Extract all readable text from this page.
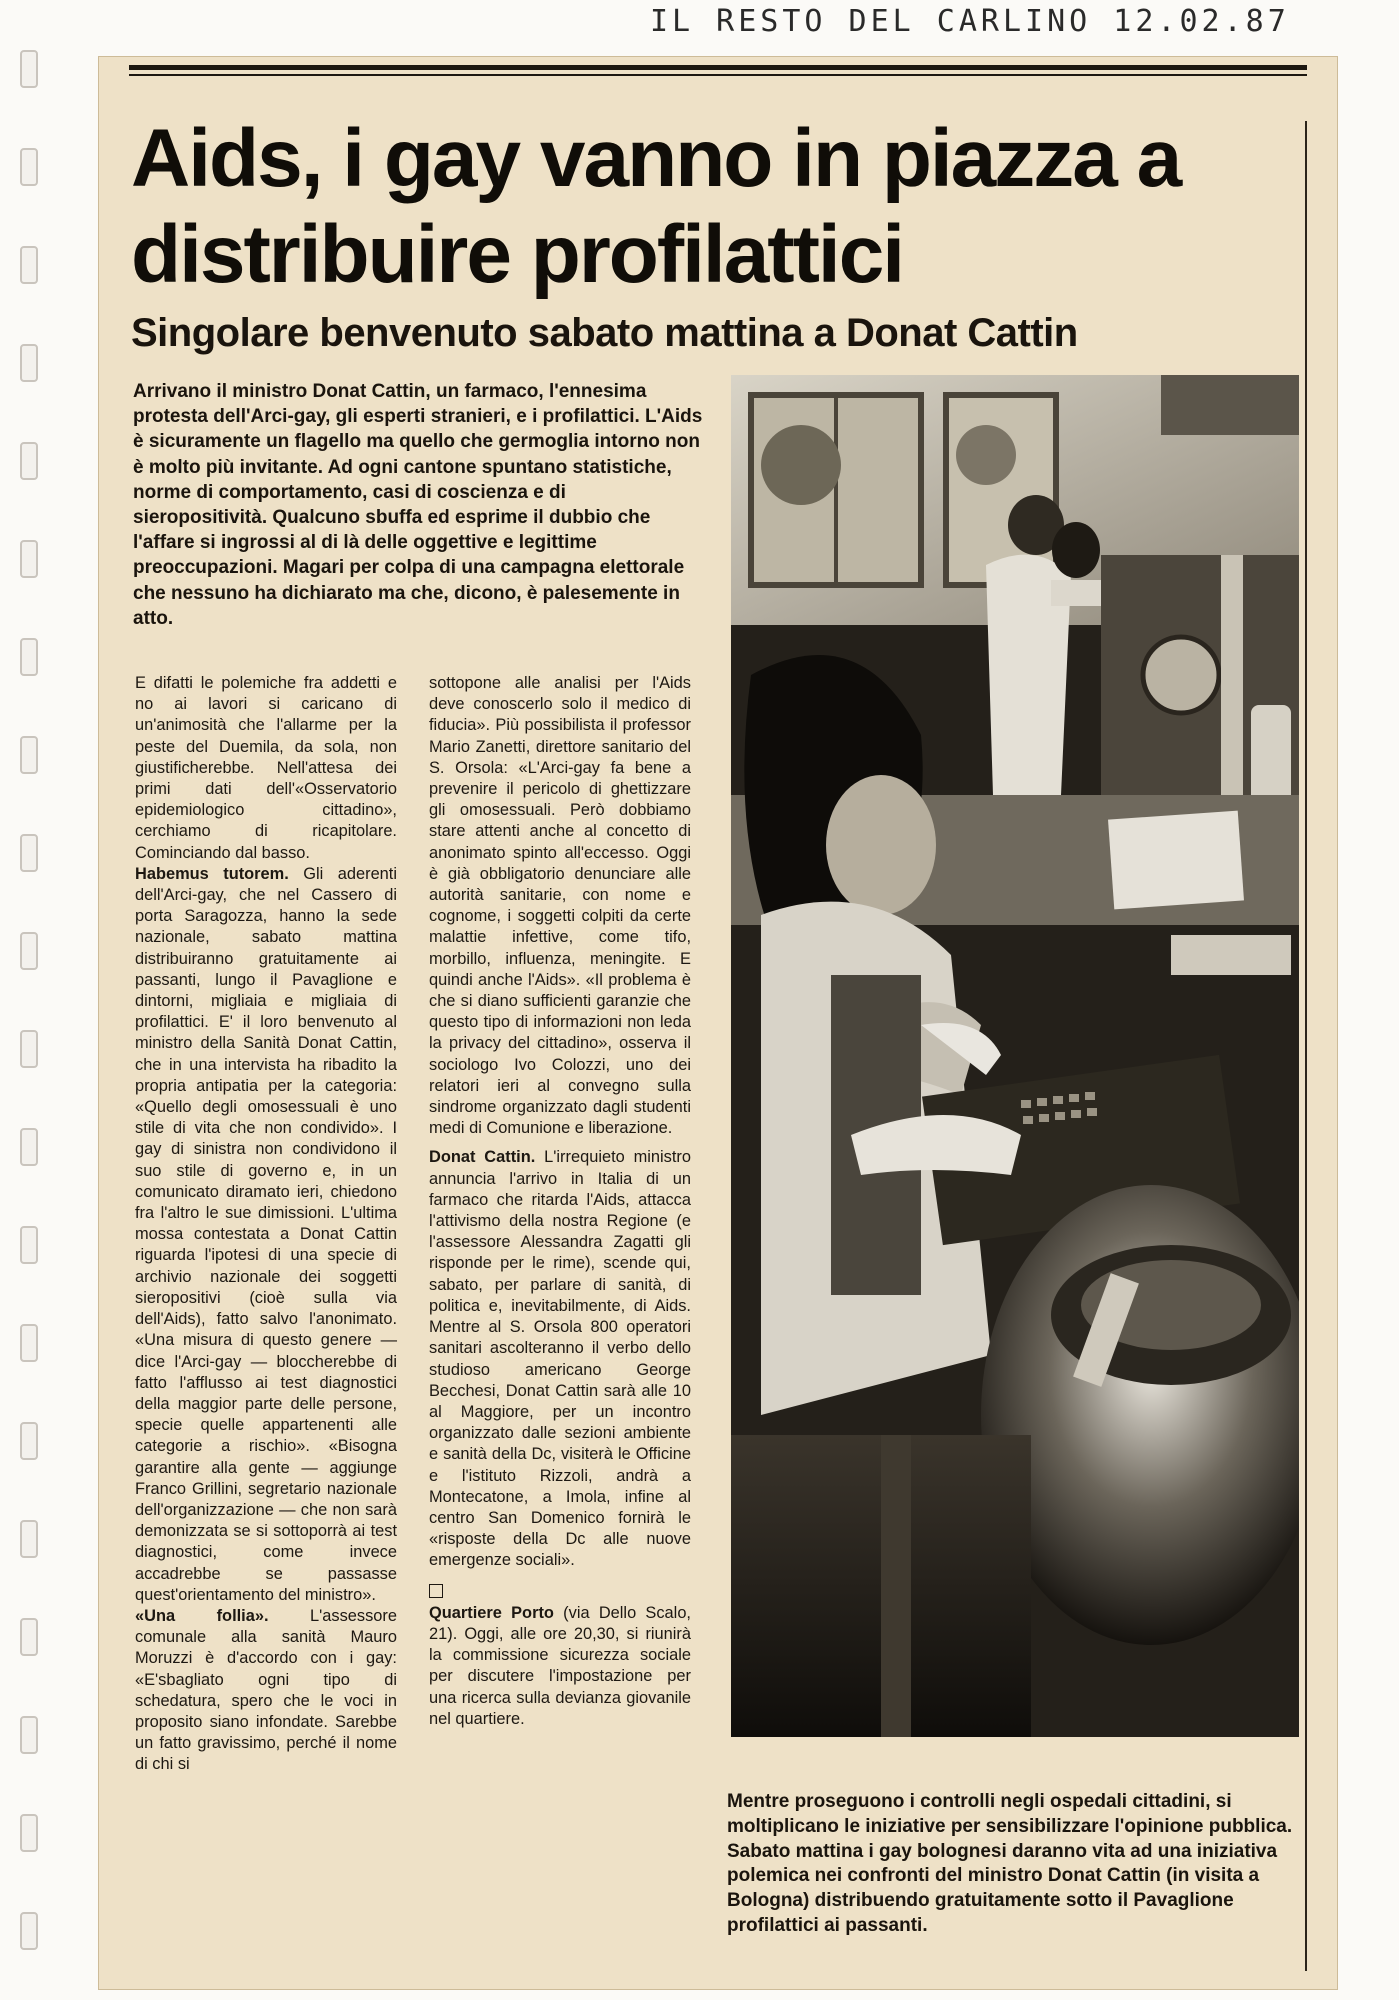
IL RESTO DEL CARLINO 12.02.87
Aids, i gay vanno in piazza a distribuire profilattici
Singolare benvenuto sabato mattina a Donat Cattin

Arrivano il ministro Donat Cattin, un farmaco, l'ennesima protesta dell'Arci-gay, gli esperti stranieri, e i profilattici. L'Aids è sicuramente un flagello ma quello che germoglia intorno non è molto più invitante. Ad ogni cantone spuntano statistiche, norme di comportamento, casi di coscienza e di sieropositività. Qualcuno sbuffa ed esprime il dubbio che l'affare si ingrossi al di là delle oggettive e legittime preoccupazioni. Magari per colpa di una campagna elettorale che nessuno ha dichiarato ma che, dicono, è palesemente in atto.

E difatti le polemiche fra addetti e no ai lavori si caricano di un'animosità che l'allarme per la peste del Duemila, da sola, non giustificherebbe. Nell'attesa dei primi dati dell'«Osservatorio epidemiologico cittadino», cerchiamo di ricapitolare. Cominciando dal basso.

Habemus tutorem. Gli aderenti dell'Arci-gay, che nel Cassero di porta Saragozza, hanno la sede nazionale, sabato mattina distribuiranno gratuitamente ai passanti, lungo il Pavaglione e dintorni, migliaia e migliaia di profilattici. E' il loro benvenuto al ministro della Sanità Donat Cattin, che in una intervista ha ribadito la propria antipatia per la categoria: «Quello degli omosessuali è uno stile di vita che non condivido». I gay di sinistra non condividono il suo stile di governo e, in un comunicato diramato ieri, chiedono fra l'altro le sue dimissioni. L'ultima mossa contestata a Donat Cattin riguarda l'ipotesi di una specie di archivio nazionale dei soggetti sieropositivi (cioè sulla via dell'Aids), fatto salvo l'anonimato. «Una misura di questo genere — dice l'Arci-gay — bloccherebbe di fatto l'afflusso ai test diagnostici della maggior parte delle persone, specie quelle appartenenti alle categorie a rischio». «Bisogna garantire alla gente — aggiunge Franco Grillini, segretario nazionale dell'organizzazione — che non sarà demonizzata se si sottoporrà ai test diagnostici, come invece accadrebbe se passasse quest'orientamento del ministro».

«Una follia». L'assessore comunale alla sanità Mauro Moruzzi è d'accordo con i gay: «E'sbagliato ogni tipo di schedatura, spero che le voci in proposito siano infondate. Sarebbe un fatto gravissimo, perché il nome di chi si

sottopone alle analisi per l'Aids deve conoscerlo solo il medico di fiducia». Più possibilista il professor Mario Zanetti, direttore sanitario del S. Orsola: «L'Arci-gay fa bene a prevenire il pericolo di ghettizzare gli omosessuali. Però dobbiamo stare attenti anche al concetto di anonimato spinto all'eccesso. Oggi è già obbligatorio denunciare alle autorità sanitarie, con nome e cognome, i soggetti colpiti da certe malattie infettive, come tifo, morbillo, influenza, meningite. E quindi anche l'Aids». «Il problema è che si diano sufficienti garanzie che questo tipo di informazioni non leda la privacy del cittadino», osserva il sociologo Ivo Colozzi, uno dei relatori ieri al convegno sulla sindrome organizzato dagli studenti medi di Comunione e liberazione.

Donat Cattin. L'irrequieto ministro annuncia l'arrivo in Italia di un farmaco che ritarda l'Aids, attacca l'attivismo della nostra Regione (e l'assessore Alessandra Zagatti gli risponde per le rime), scende qui, sabato, per parlare di sanità, di politica e, inevitabilmente, di Aids. Mentre al S. Orsola 800 operatori sanitari ascolteranno il verbo dello studioso americano George Becchesi, Donat Cattin sarà alle 10 al Maggiore, per un incontro organizzato dalle sezioni ambiente e sanità della Dc, visiterà le Officine e l'istituto Rizzoli, andrà a Montecatone, a Imola, infine al centro San Domenico fornirà le «risposte della Dc alle nuove emergenze sociali».

Quartiere Porto (via Dello Scalo, 21). Oggi, alle ore 20,30, si riunirà la commissione sicurezza sociale per discutere l'impostazione per una ricerca sulla devianza giovanile nel quartiere.

Mentre proseguono i controlli negli ospedali cittadini, si moltiplicano le iniziative per sensibilizzare l'opinione pubblica. Sabato mattina i gay bolognesi daranno vita ad una iniziativa polemica nei confronti del ministro Donat Cattin (in visita a Bologna) distribuendo gratuitamente sotto il Pavaglione profilattici ai passanti.
